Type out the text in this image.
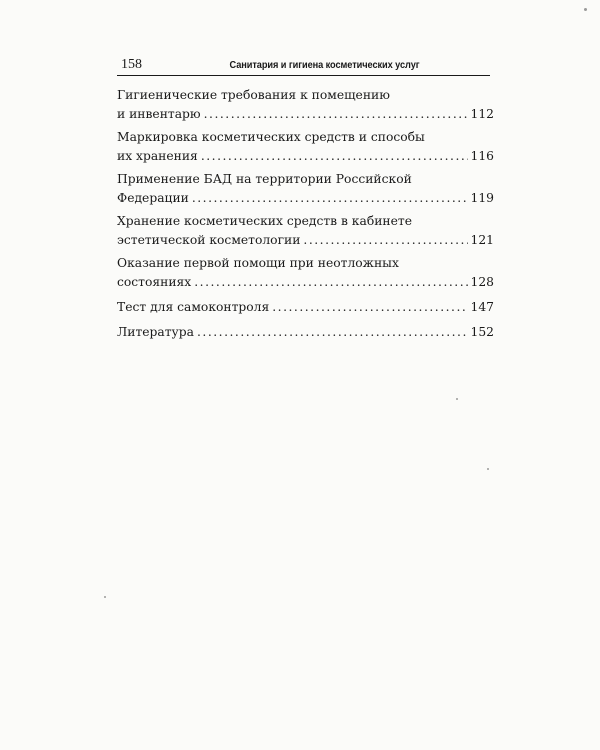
158	Санитария и гигиена косметических услуг
Гигиенические требования к помещению
и инвентарю . . .	112
Маркировка косметических средств и способы
их хранения . . .	116
Применение БАД на территории Российской
Федерации . . .	119
Хранение косметических средств в кабинете
эстетической косметологии . . .	121
Оказание первой помощи при неотложных
состояниях . . .	128
Тест для самоконтроля . . .	147
Литература . . .	152
